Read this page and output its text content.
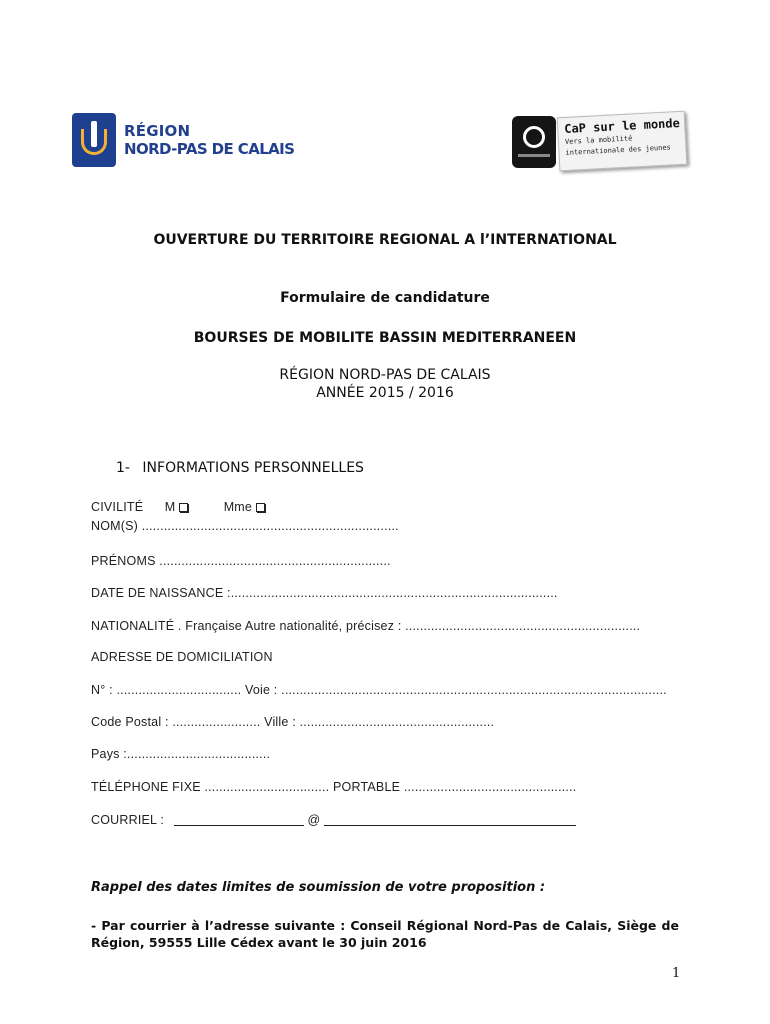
RÉGION
NORD-PAS DE CALAIS
CaP sur le monde
Vers la mobilité
internationale des jeunes
OUVERTURE DU TERRITOIRE REGIONAL A l’INTERNATIONAL
Formulaire de candidature
BOURSES DE MOBILITE BASSIN MEDITERRANEEN
RÉGION NORD-PAS DE CALAIS
ANNÉE 2015 / 2016
1- INFORMATIONS PERSONNELLES
CIVILITÉ M	Mme
NOM(S) ......................................................................
PRÉNOMS ...............................................................
DATE DE NAISSANCE :.........................................................................................
NATIONALITÉ . Française Autre nationalité, précisez : ................................................................
ADRESSE DE DOMICILIATION
N° : .................................. Voie : .........................................................................................................
Code Postal : ........................ Ville : .....................................................
Pays :.......................................
TÉLÉPHONE FIXE .................................. PORTABLE ...............................................
COURRIEL :	@
Rappel des dates limites de soumission de votre proposition :
- Par courrier à l’adresse suivante : Conseil Régional Nord-Pas de Calais, Siège de Région, 59555 Lille Cédex avant le 30 juin 2016
1
